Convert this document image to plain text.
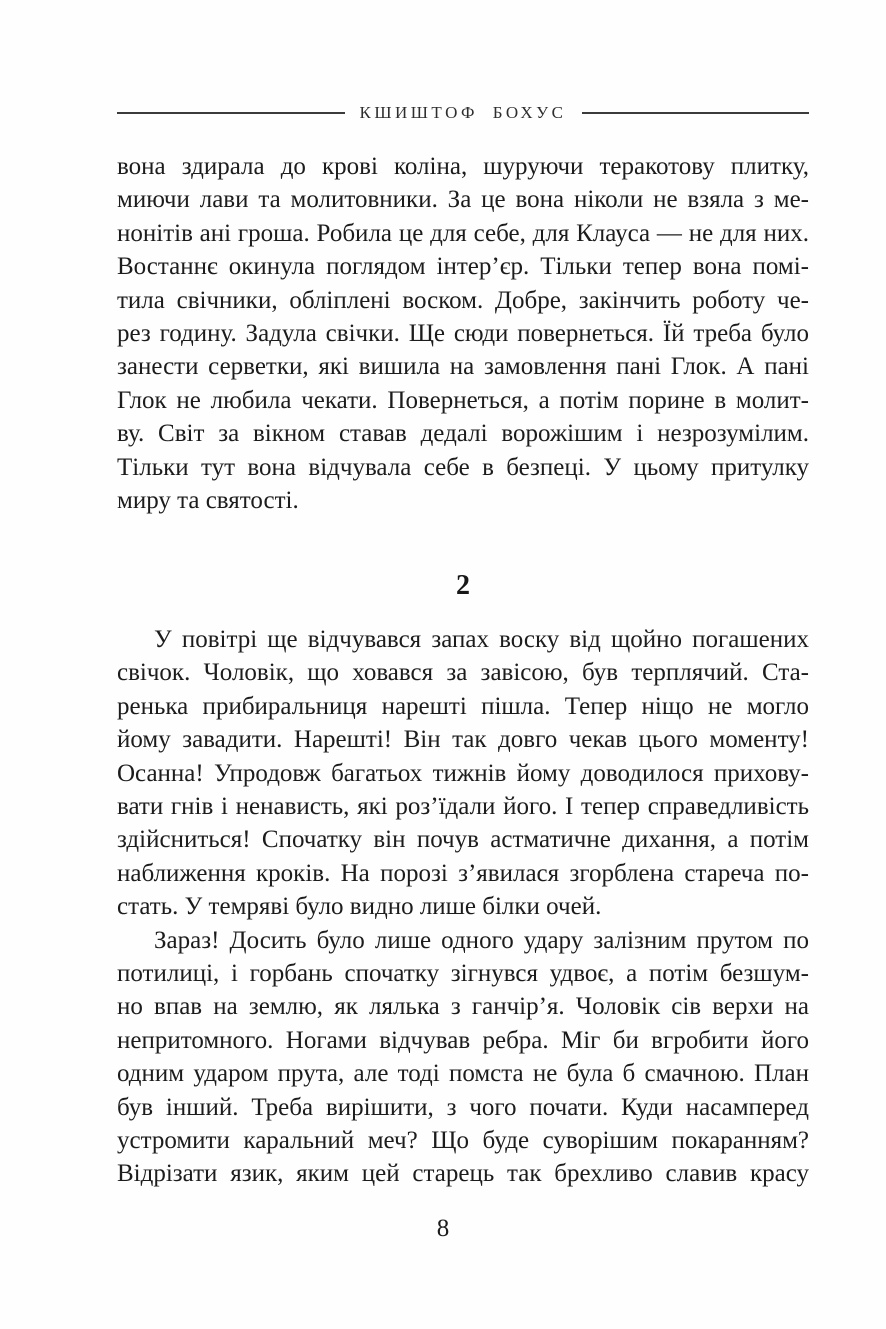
КШИШТОФ БОХУС
вона здирала до крові коліна, шуруючи теракотову плитку,
миючи лави та молитовники. За це вона ніколи не взяла з ме-
нонітів ані гроша. Робила це для себе, для Клауса — не для них.
Востаннє окинула поглядом інтер’єр. Тільки тепер вона помі-
тила свічники, обліплені воском. Добре, закінчить роботу че-
рез годину. Задула свічки. Ще сюди повернеться. Їй треба було
занести серветки, які вишила на замовлення пані Глок. А пані
Глок не любила чекати. Повернеться, а потім порине в молит-
ву. Світ за вікном ставав дедалі ворожішим і незрозумілим.
Тільки тут вона відчувала себе в безпеці. У цьому притулку
миру та святості.
2
У повітрі ще відчувався запах воску від щойно погашених
свічок. Чоловік, що ховався за завісою, був терплячий. Ста-
ренька прибиральниця нарешті пішла. Тепер ніщо не могло
йому завадити. Нарешті! Він так довго чекав цього моменту!
Осанна! Упродовж багатьох тижнів йому доводилося прихову-
вати гнів і ненависть, які роз’їдали його. І тепер справедливість
здійсниться! Спочатку він почув астматичне дихання, а потім
наближення кроків. На порозі з’явилася згорблена стареча по-
стать. У темряві було видно лише білки очей.
Зараз! Досить було лише одного удару залізним прутом по
потилиці, і горбань спочатку зігнувся удвоє, а потім безшум-
но впав на землю, як лялька з ганчір’я. Чоловік сів верхи на
непритомного. Ногами відчував ребра. Міг би вгробити його
одним ударом прута, але тоді помста не була б смачною. План
був інший. Треба вирішити, з чого почати. Куди насамперед
устромити каральний меч? Що буде суворішим покаранням?
Відрізати язик, яким цей старець так брехливо славив красу
8
